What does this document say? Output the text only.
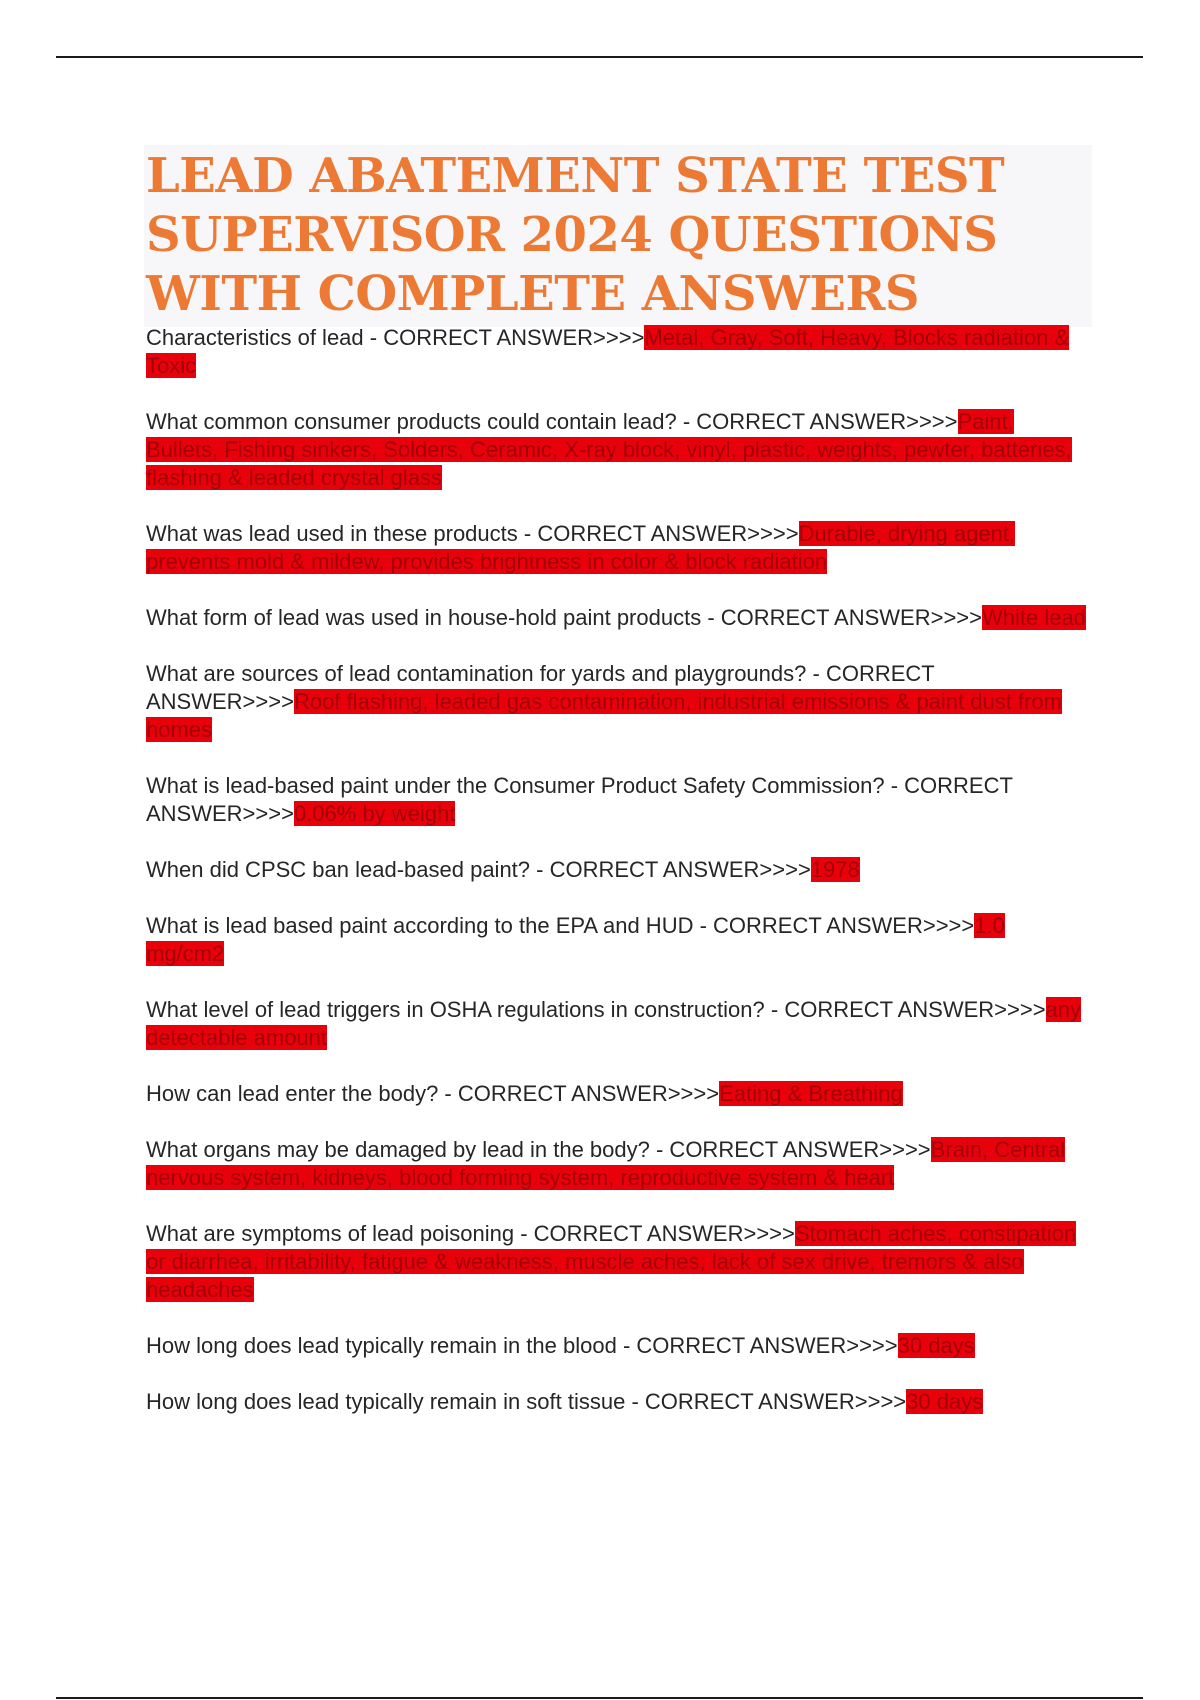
LEAD ABATEMENT STATE TEST
SUPERVISOR 2024 QUESTIONS
WITH COMPLETE ANSWERS
Characteristics of lead - CORRECT ANSWER>>>>Metal, Gray, Soft, Heavy, Blocks radiation & Toxic
What common consumer products could contain lead? - CORRECT ANSWER>>>>Paint, Bullets, Fishing sinkers, Solders, Ceramic, X-ray block, vinyl, plastic, weights, pewter, batteries, flashing & leaded crystal glass
What was lead used in these products - CORRECT ANSWER>>>>Durable, drying agent, prevents mold & mildew, provides brightness in color & block radiation
What form of lead was used in house-hold paint products - CORRECT ANSWER>>>>White lead
What are sources of lead contamination for yards and playgrounds? - CORRECT ANSWER>>>>Roof flashing, leaded gas contamination, industrial emissions & paint dust from homes
What is lead-based paint under the Consumer Product Safety Commission? - CORRECT ANSWER>>>>0.06% by weight
When did CPSC ban lead-based paint? - CORRECT ANSWER>>>>1978
What is lead based paint according to the EPA and HUD - CORRECT ANSWER>>>>1.0 mg/cm2
What level of lead triggers in OSHA regulations in construction? - CORRECT ANSWER>>>>any detectable amount
How can lead enter the body? - CORRECT ANSWER>>>>Eating & Breathing
What organs may be damaged by lead in the body? - CORRECT ANSWER>>>>Brain, Central nervous system, kidneys, blood forming system, reproductive system & heart
What are symptoms of lead poisoning - CORRECT ANSWER>>>>Stomach aches, constipation or diarrhea, irritability, fatigue & weakness, muscle aches, lack of sex drive, tremors & also headaches
How long does lead typically remain in the blood - CORRECT ANSWER>>>>30 days
How long does lead typically remain in soft tissue - CORRECT ANSWER>>>>30 days
